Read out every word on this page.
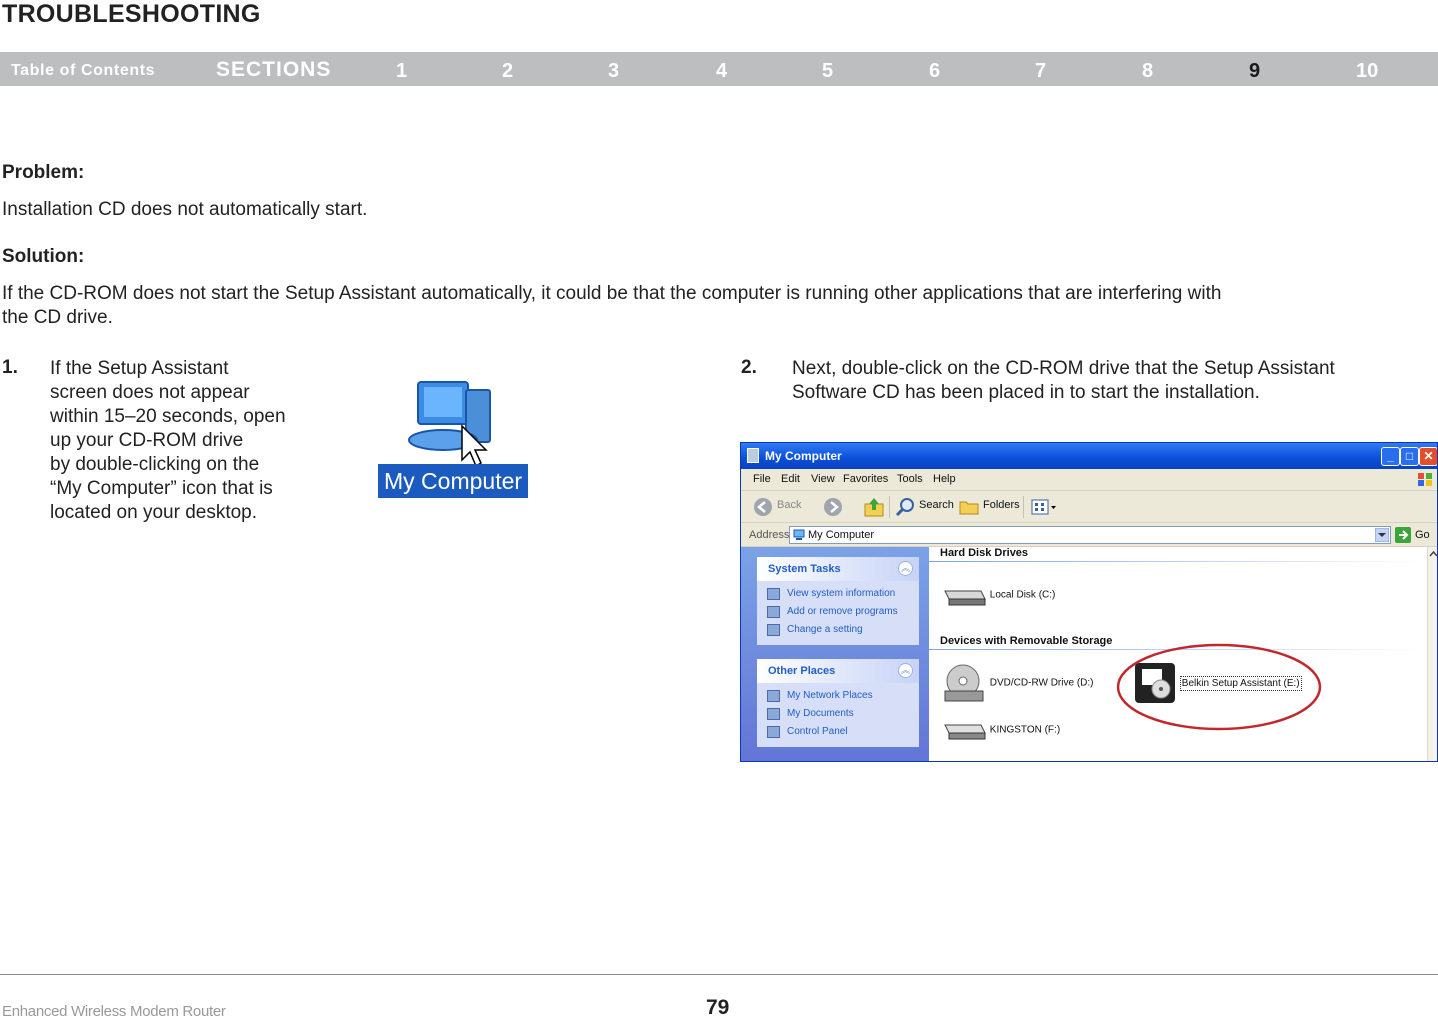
TROUBLESHOOTING
Table of Contents	SECTIONS	1	2	3	4	5	6	7	8	9	10
Problem:
Installation CD does not automatically start.
Solution:
If the CD-ROM does not start the Setup Assistant automatically, it could be that the computer is running other applications that are interfering with
the CD drive.
1. If the Setup Assistant
screen does not appear
within 15–20 seconds, open
up your CD-ROM drive
by double-clicking on the
“My Computer” icon that is
located on your desktop.
My Computer
2. Next, double-click on the CD-ROM drive that the Setup Assistant
Software CD has been placed in to start the installation.
My Computer	_	□ ✕
File Edit View Favorites Tools Help
Back	Search	Folders
Address My Computer	Go
System Tasks	︽
View system information
Add or remove programs
Change a setting
Other Places	︽
My Network Places
My Documents
Control Panel
Hard Disk Drives
Local Disk (C:)
Devices with Removable Storage
DVD/CD-RW Drive (D:)	Belkin Setup Assistant (E:)
KINGSTON (F:)
Enhanced Wireless Modem Router	79
